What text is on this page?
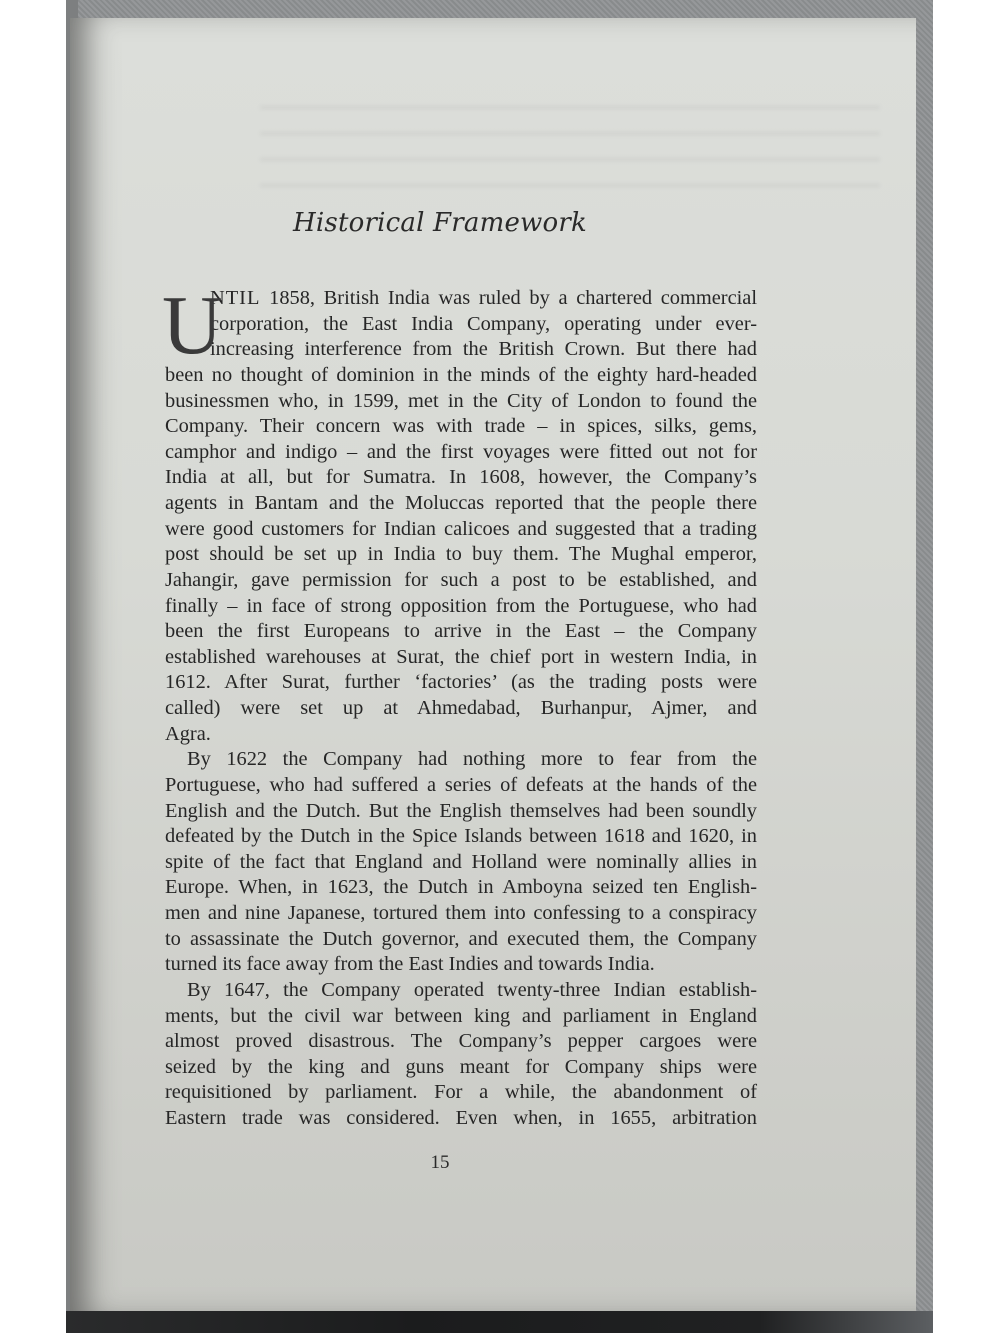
Historical Framework
U
NTIL 1858, British India was ruled by a chartered commercial
corporation, the East India Company, operating under ever-
increasing interference from the British Crown. But there had
been no thought of dominion in the minds of the eighty hard-headed
businessmen who, in 1599, met in the City of London to found the
Company. Their concern was with trade – in spices, silks, gems,
camphor and indigo – and the first voyages were fitted out not for
India at all, but for Sumatra. In 1608, however, the Company’s
agents in Bantam and the Moluccas reported that the people there
were good customers for Indian calicoes and suggested that a trading
post should be set up in India to buy them. The Mughal emperor,
Jahangir, gave permission for such a post to be established, and
finally – in face of strong opposition from the Portuguese, who had
been the first Europeans to arrive in the East – the Company
established warehouses at Surat, the chief port in western India, in
1612. After Surat, further ‘factories’ (as the trading posts were
called) were set up at Ahmedabad, Burhanpur, Ajmer, and
Agra.
By 1622 the Company had nothing more to fear from the
Portuguese, who had suffered a series of defeats at the hands of the
English and the Dutch. But the English themselves had been soundly
defeated by the Dutch in the Spice Islands between 1618 and 1620, in
spite of the fact that England and Holland were nominally allies in
Europe. When, in 1623, the Dutch in Amboyna seized ten English-
men and nine Japanese, tortured them into confessing to a conspiracy
to assassinate the Dutch governor, and executed them, the Company
turned its face away from the East Indies and towards India.
By 1647, the Company operated twenty-three Indian establish-
ments, but the civil war between king and parliament in England
almost proved disastrous. The Company’s pepper cargoes were
seized by the king and guns meant for Company ships were
requisitioned by parliament. For a while, the abandonment of
Eastern trade was considered. Even when, in 1655, arbitration
15
